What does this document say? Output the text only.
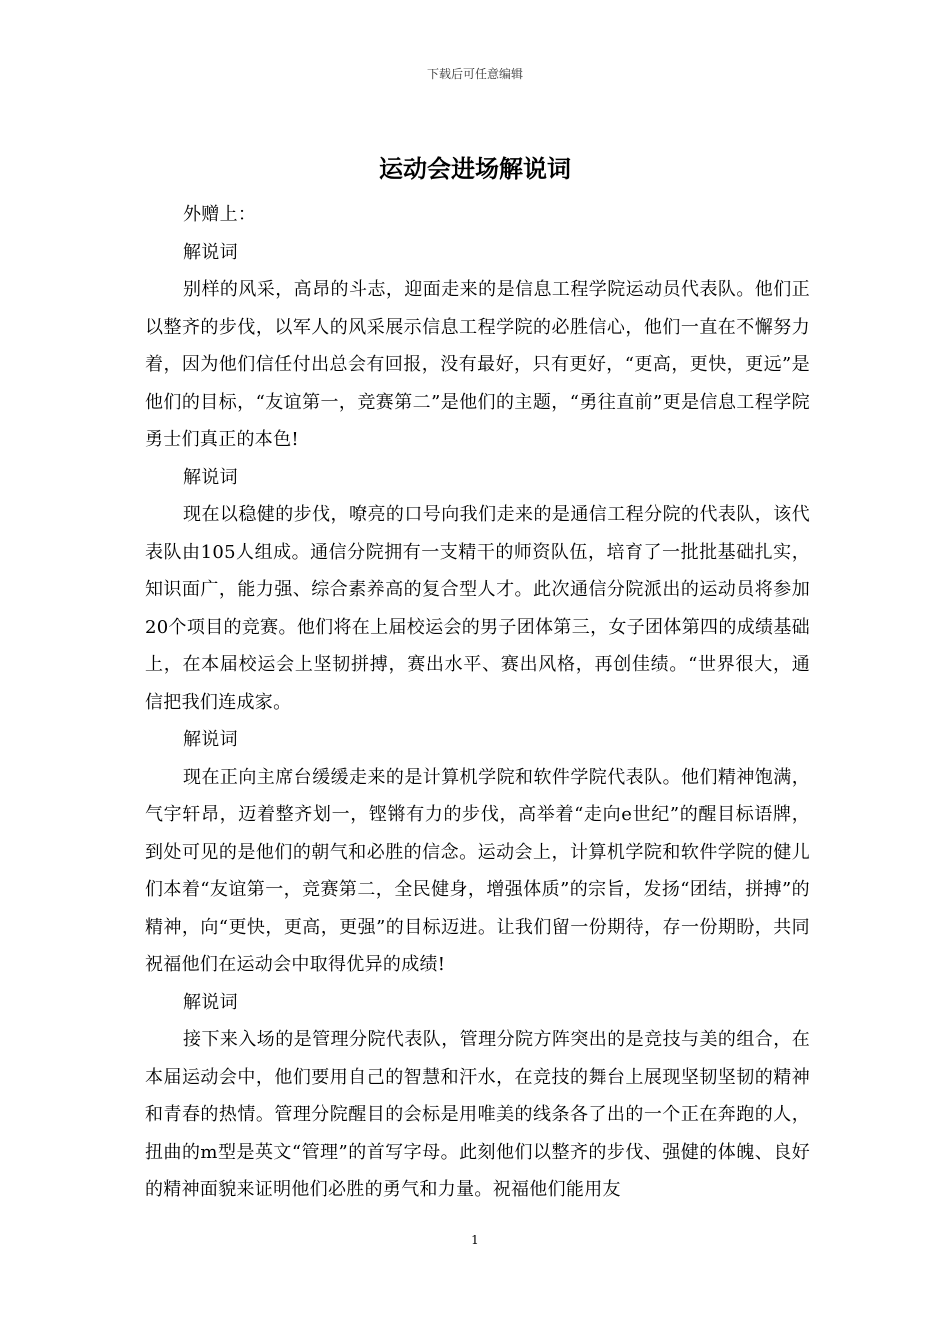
下载后可任意编辑
运动会进场解说词

外赠上：

解说词

别样的风采，高昂的斗志，迎面走来的是信息工程学院运动员代表队。他们正以整齐的步伐，以军人的风采展示信息工程学院的必胜信心，他们一直在不懈努力着，因为他们信任付出总会有回报，没有最好，只有更好，“更高，更快，更远”是他们的目标，“友谊第一，竞赛第二”是他们的主题，“勇往直前”更是信息工程学院勇士们真正的本色!

解说词

现在以稳健的步伐，嘹亮的口号向我们走来的是通信工程分院的代表队，该代表队由105人组成。通信分院拥有一支精干的师资队伍，培育了一批批基础扎实，知识面广，能力强、综合素养高的复合型人才。此次通信分院派出的运动员将参加20个项目的竞赛。他们将在上届校运会的男子团体第三，女子团体第四的成绩基础上，在本届校运会上坚韧拼搏，赛出水平、赛出风格，再创佳绩。“世界很大，通信把我们连成家。

解说词

现在正向主席台缓缓走来的是计算机学院和软件学院代表队。他们精神饱满，气宇轩昂，迈着整齐划一，铿锵有力的步伐，高举着“走向e世纪”的醒目标语牌，到处可见的是他们的朝气和必胜的信念。运动会上，计算机学院和软件学院的健儿们本着“友谊第一，竞赛第二，全民健身，增强体质”的宗旨，发扬“团结，拼搏”的精神，向“更快，更高，更强”的目标迈进。让我们留一份期待，存一份期盼，共同祝福他们在运动会中取得优异的成绩!

解说词

接下来入场的是管理分院代表队，管理分院方阵突出的是竞技与美的组合，在本届运动会中，他们要用自己的智慧和汗水，在竞技的舞台上展现坚韧坚韧的精神和青春的热情。管理分院醒目的会标是用唯美的线条各了出的一个正在奔跑的人，扭曲的m型是英文“管理”的首写字母。此刻他们以整齐的步伐、强健的体魄、良好的精神面貌来证明他们必胜的勇气和力量。祝福他们能用友

1
